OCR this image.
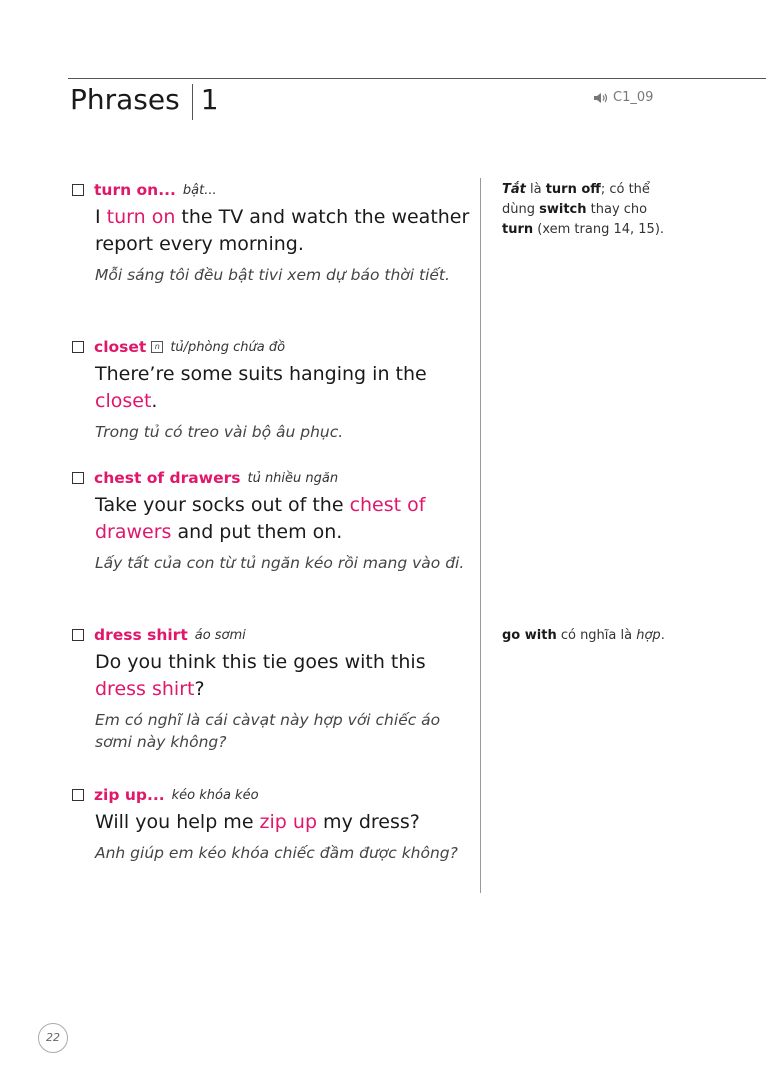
Phrases 1	C1_09
turn on... bật...
I turn on the TV and watch the weather report every morning.
Mỗi sáng tôi đều bật tivi xem dự báo thời tiết.
closet	n tủ/phòng chứa đồ
There’re some suits hanging in the closet.
Trong tủ có treo vài bộ âu phục.
chest of drawers tủ nhiều ngăn
Take your socks out of the chest of drawers and put them on.
Lấy tất của con từ tủ ngăn kéo rồi mang vào đi.
dress shirt áo sơmi
Do you think this tie goes with this dress shirt?
Em có nghĩ là cái càvạt này hợp với chiếc áo sơmi này không?
zip up... kéo khóa kéo
Will you help me zip up my dress?
Anh giúp em kéo khóa chiếc đầm được không?
Tắt là turn off; có thể dùng switch thay cho turn (xem trang 14, 15).
go with có nghĩa là hợp.
22
